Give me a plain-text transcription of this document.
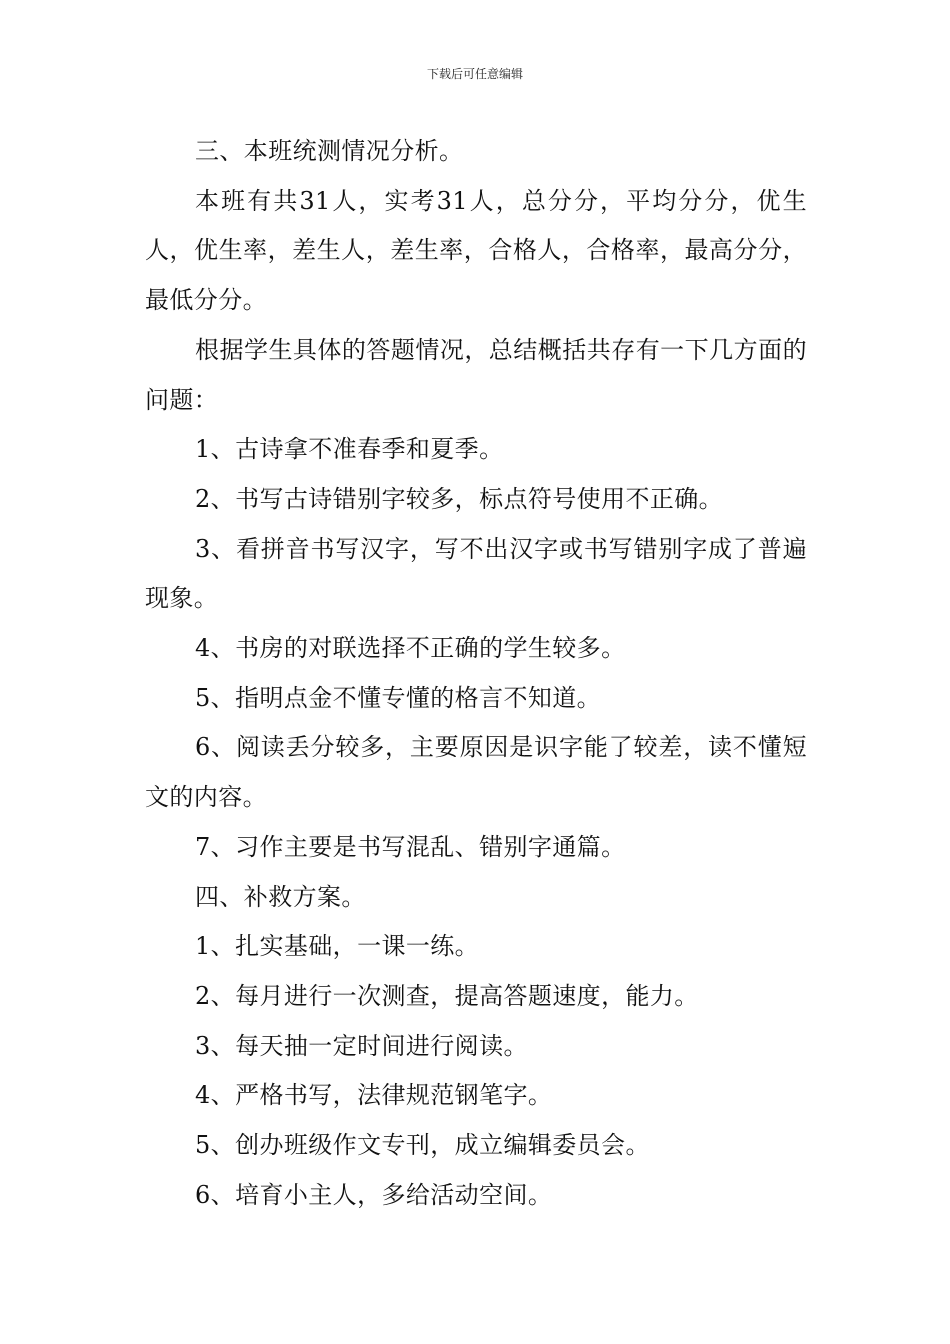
下载后可任意编辑

三、本班统测情况分析。

本班有共31人，实考31人，总分分，平均分分，优生人，优生率，差生人，差生率，合格人，合格率，最高分分，最低分分。

根据学生具体的答题情况，总结概括共存有一下几方面的问题：

1、古诗拿不准春季和夏季。

2、书写古诗错别字较多，标点符号使用不正确。

3、看拼音书写汉字，写不出汉字或书写错别字成了普遍现象。

4、书房的对联选择不正确的学生较多。

5、指明点金不懂专懂的格言不知道。

6、阅读丢分较多，主要原因是识字能了较差，读不懂短文的内容。

7、习作主要是书写混乱、错别字通篇。

四、补救方案。

1、扎实基础，一课一练。

2、每月进行一次测查，提高答题速度，能力。

3、每天抽一定时间进行阅读。

4、严格书写，法律规范钢笔字。

5、创办班级作文专刊，成立编辑委员会。

6、培育小主人，多给活动空间。
